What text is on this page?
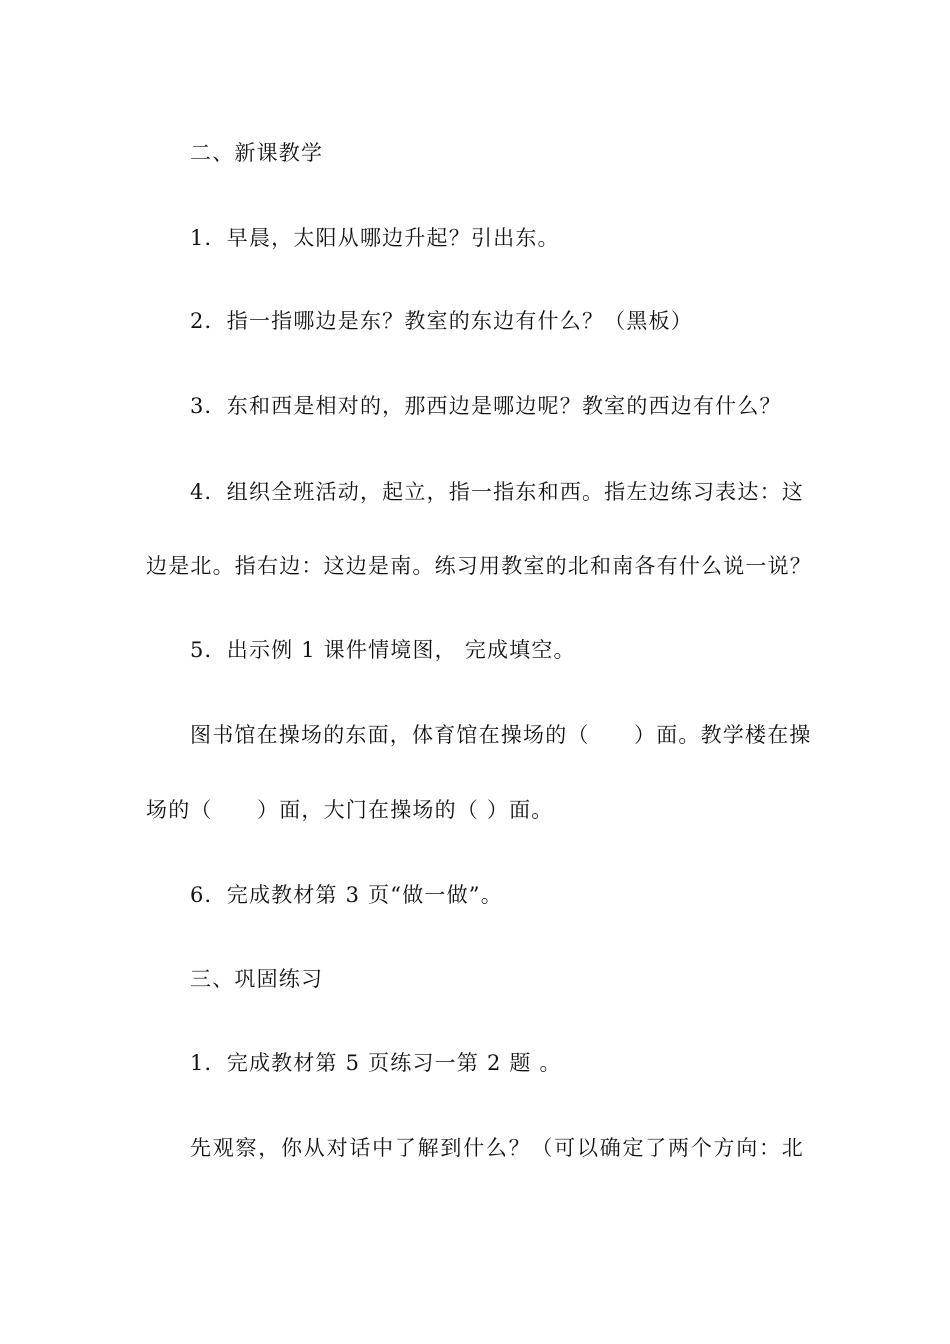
二、新课教学
1．早晨，太阳从哪边升起？引出东。
2．指一指哪边是东？教室的东边有什么？（黑板）
3．东和西是相对的，那西边是哪边呢？教室的西边有什么？
4．组织全班活动，起立，指一指东和西。指左边练习表达：这
边是北。指右边：这边是南。练习用教室的北和南各有什么说一说？
5．出示例 1 课件情境图， 完成填空。
图书馆在操场的东面，体育馆在操场的（　　）面。教学楼在操
场的（　　）面，大门在操场的（ ）面。
6．完成教材第 3 页“做一做”。
三、巩固练习
1．完成教材第 5 页练习一第 2 题 。
先观察，你从对话中了解到什么？（可以确定了两个方向：北
